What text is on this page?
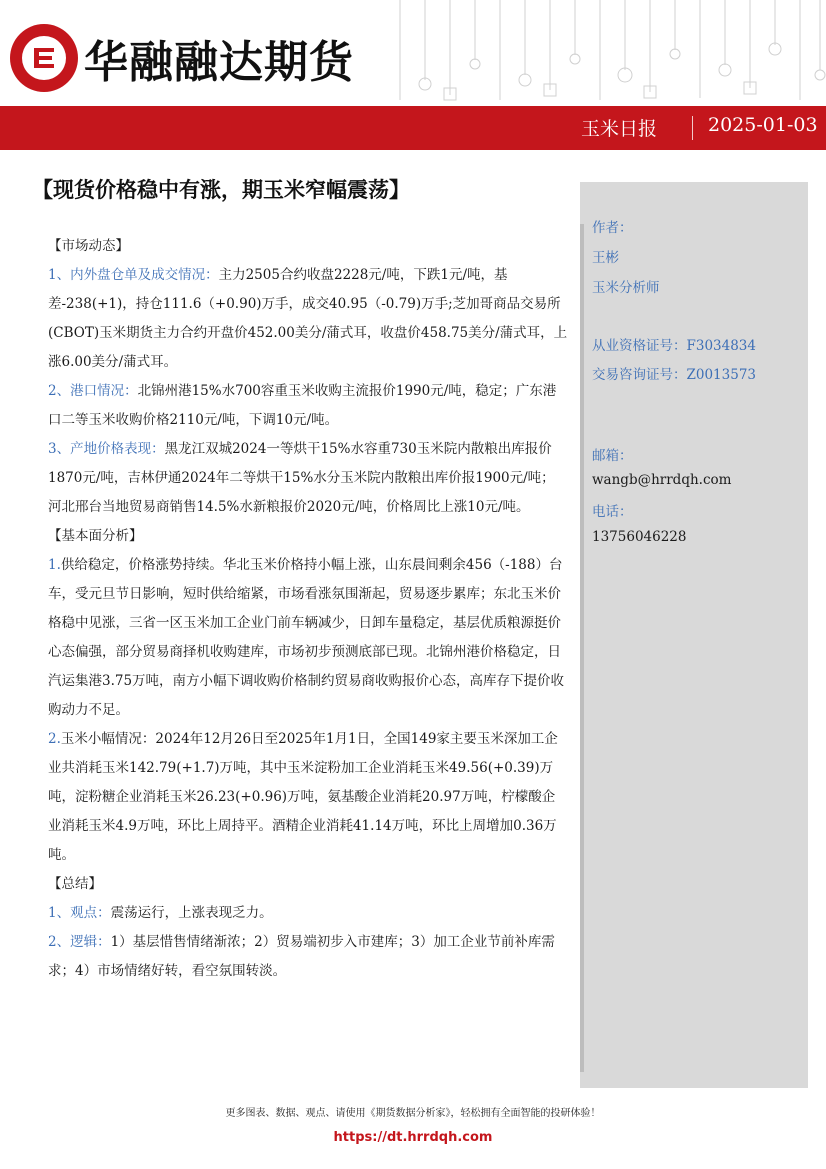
华融融达期货
玉米日报	2025-01-03
【现货价格稳中有涨，期玉米窄幅震荡】
【市场动态】

1、内外盘仓单及成交情况：主力2505合约收盘2228元/吨，下跌1元/吨，基差-238(+1)，持仓111.6（+0.90)万手，成交40.95（-0.79)万手;芝加哥商品交易所(CBOT)玉米期货主力合约开盘价452.00美分/蒲式耳，收盘价458.75美分/蒲式耳，上涨6.00美分/蒲式耳。

2、港口情况：北锦州港15%水700容重玉米收购主流报价1990元/吨，稳定；广东港口二等玉米收购价格2110元/吨，下调10元/吨。

3、产地价格表现：黑龙江双城2024一等烘干15%水容重730玉米院内散粮出库报价1870元/吨，吉林伊通2024年二等烘干15%水分玉米院内散粮出库价报1900元/吨；河北邢台当地贸易商销售14.5%水新粮报价2020元/吨，价格周比上涨10元/吨。

【基本面分析】

1.供给稳定，价格涨势持续。华北玉米价格持小幅上涨，山东晨间剩余456（-188）台车，受元旦节日影响，短时供给缩紧，市场看涨氛围渐起，贸易逐步累库；东北玉米价格稳中见涨，三省一区玉米加工企业门前车辆减少，日卸车量稳定，基层优质粮源挺价心态偏强，部分贸易商择机收购建库，市场初步预测底部已现。北锦州港价格稳定，日汽运集港3.75万吨，南方小幅下调收购价格制约贸易商收购报价心态，高库存下提价收购动力不足。

2.玉米小幅情况：2024年12月26日至2025年1月1日，全国149家主要玉米深加工企业共消耗玉米142.79(+1.7)万吨，其中玉米淀粉加工企业消耗玉米49.56(+0.39)万吨，淀粉糖企业消耗玉米26.23(+0.96)万吨，氨基酸企业消耗20.97万吨，柠檬酸企业消耗玉米4.9万吨，环比上周持平。酒精企业消耗41.14万吨，环比上周增加0.36万吨。

【总结】

1、观点：震荡运行，上涨表现乏力。

2、逻辑：1）基层惜售情绪渐浓；2）贸易端初步入市建库；3）加工企业节前补库需求；4）市场情绪好转，看空氛围转淡。

作者：
王彬
玉米分析师
从业资格证号：F3034834
交易咨询证号：Z0013573
邮箱：
wangb@hrrdqh.com
电话：
13756046228
更多图表、数据、观点、请使用《期货数据分析家》，轻松拥有全面智能的投研体验！
https://dt.hrrdqh.com
